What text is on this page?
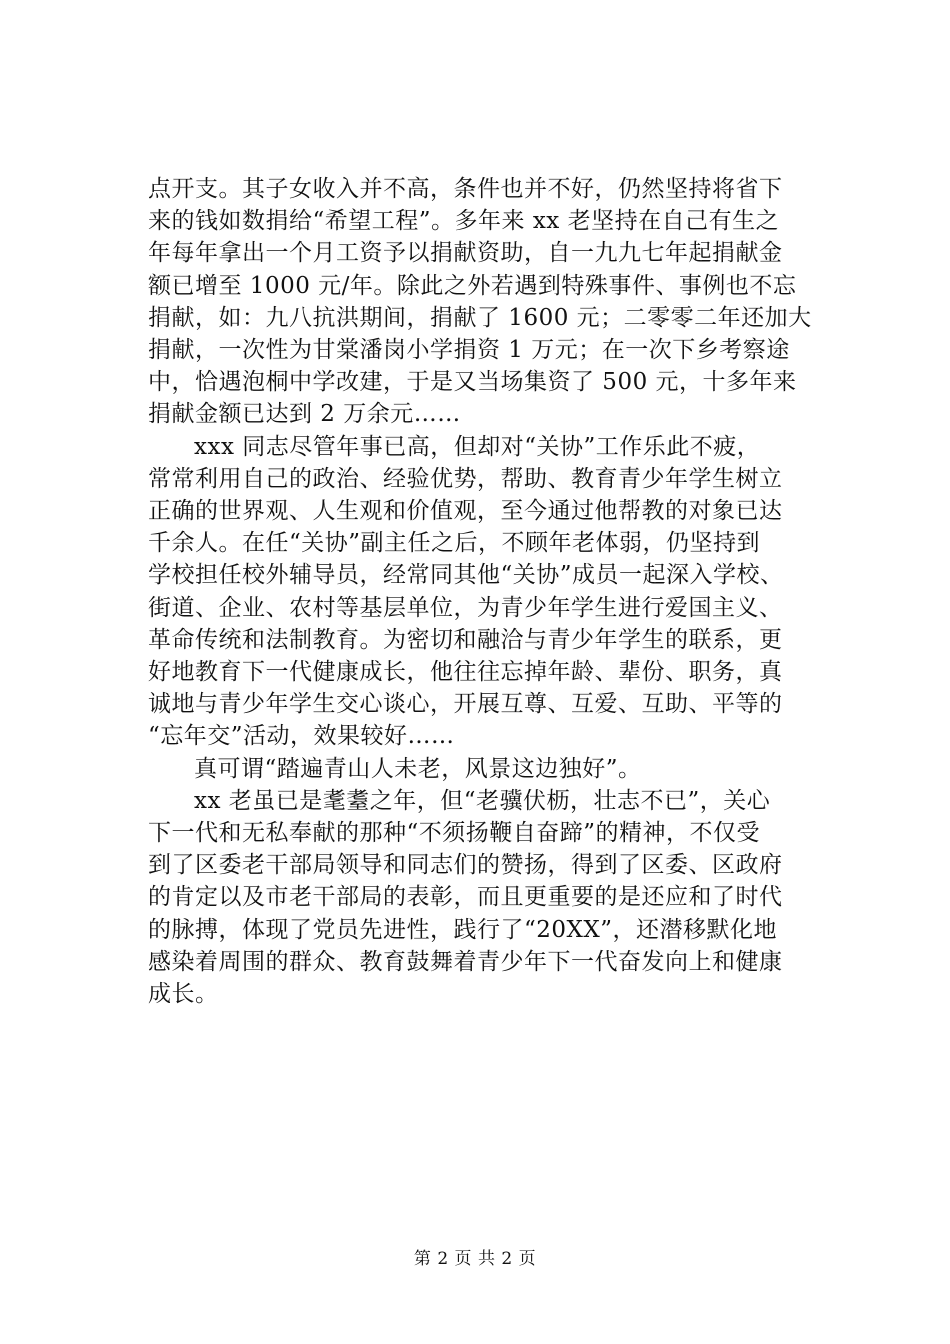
点开支。其子女收入并不高，条件也并不好，仍然坚持将省下
来的钱如数捐给“希望工程”。多年来 xx 老坚持在自己有生之
年每年拿出一个月工资予以捐献资助，自一九九七年起捐献金
额已增至 1000 元/年。除此之外若遇到特殊事件、事例也不忘
捐献，如：九八抗洪期间，捐献了 1600 元；二零零二年还加大
捐献，一次性为甘棠潘岗小学捐资 1 万元；在一次下乡考察途
中，恰遇泡桐中学改建，于是又当场集资了 500 元，十多年来
捐献金额已达到 2 万余元……

xxx 同志尽管年事已高，但却对“关协”工作乐此不疲，
常常利用自己的政治、经验优势，帮助、教育青少年学生树立
正确的世界观、人生观和价值观，至今通过他帮教的对象已达
千余人。在任“关协”副主任之后，不顾年老体弱，仍坚持到
学校担任校外辅导员，经常同其他“关协”成员一起深入学校、
街道、企业、农村等基层单位，为青少年学生进行爱国主义、
革命传统和法制教育。为密切和融洽与青少年学生的联系，更
好地教育下一代健康成长，他往往忘掉年龄、辈份、职务，真
诚地与青少年学生交心谈心，开展互尊、互爱、互助、平等的
“忘年交”活动，效果较好……

真可谓“踏遍青山人未老，风景这边独好”。

xx 老虽已是耄耋之年，但“老骥伏枥，壮志不已”，关心
下一代和无私奉献的那种“不须扬鞭自奋蹄”的精神，不仅受
到了区委老干部局领导和同志们的赞扬，得到了区委、区政府
的肯定以及市老干部局的表彰，而且更重要的是还应和了时代
的脉搏，体现了党员先进性，践行了“20XX”，还潜移默化地
感染着周围的群众、教育鼓舞着青少年下一代奋发向上和健康
成长。

第 2 页 共 2 页
